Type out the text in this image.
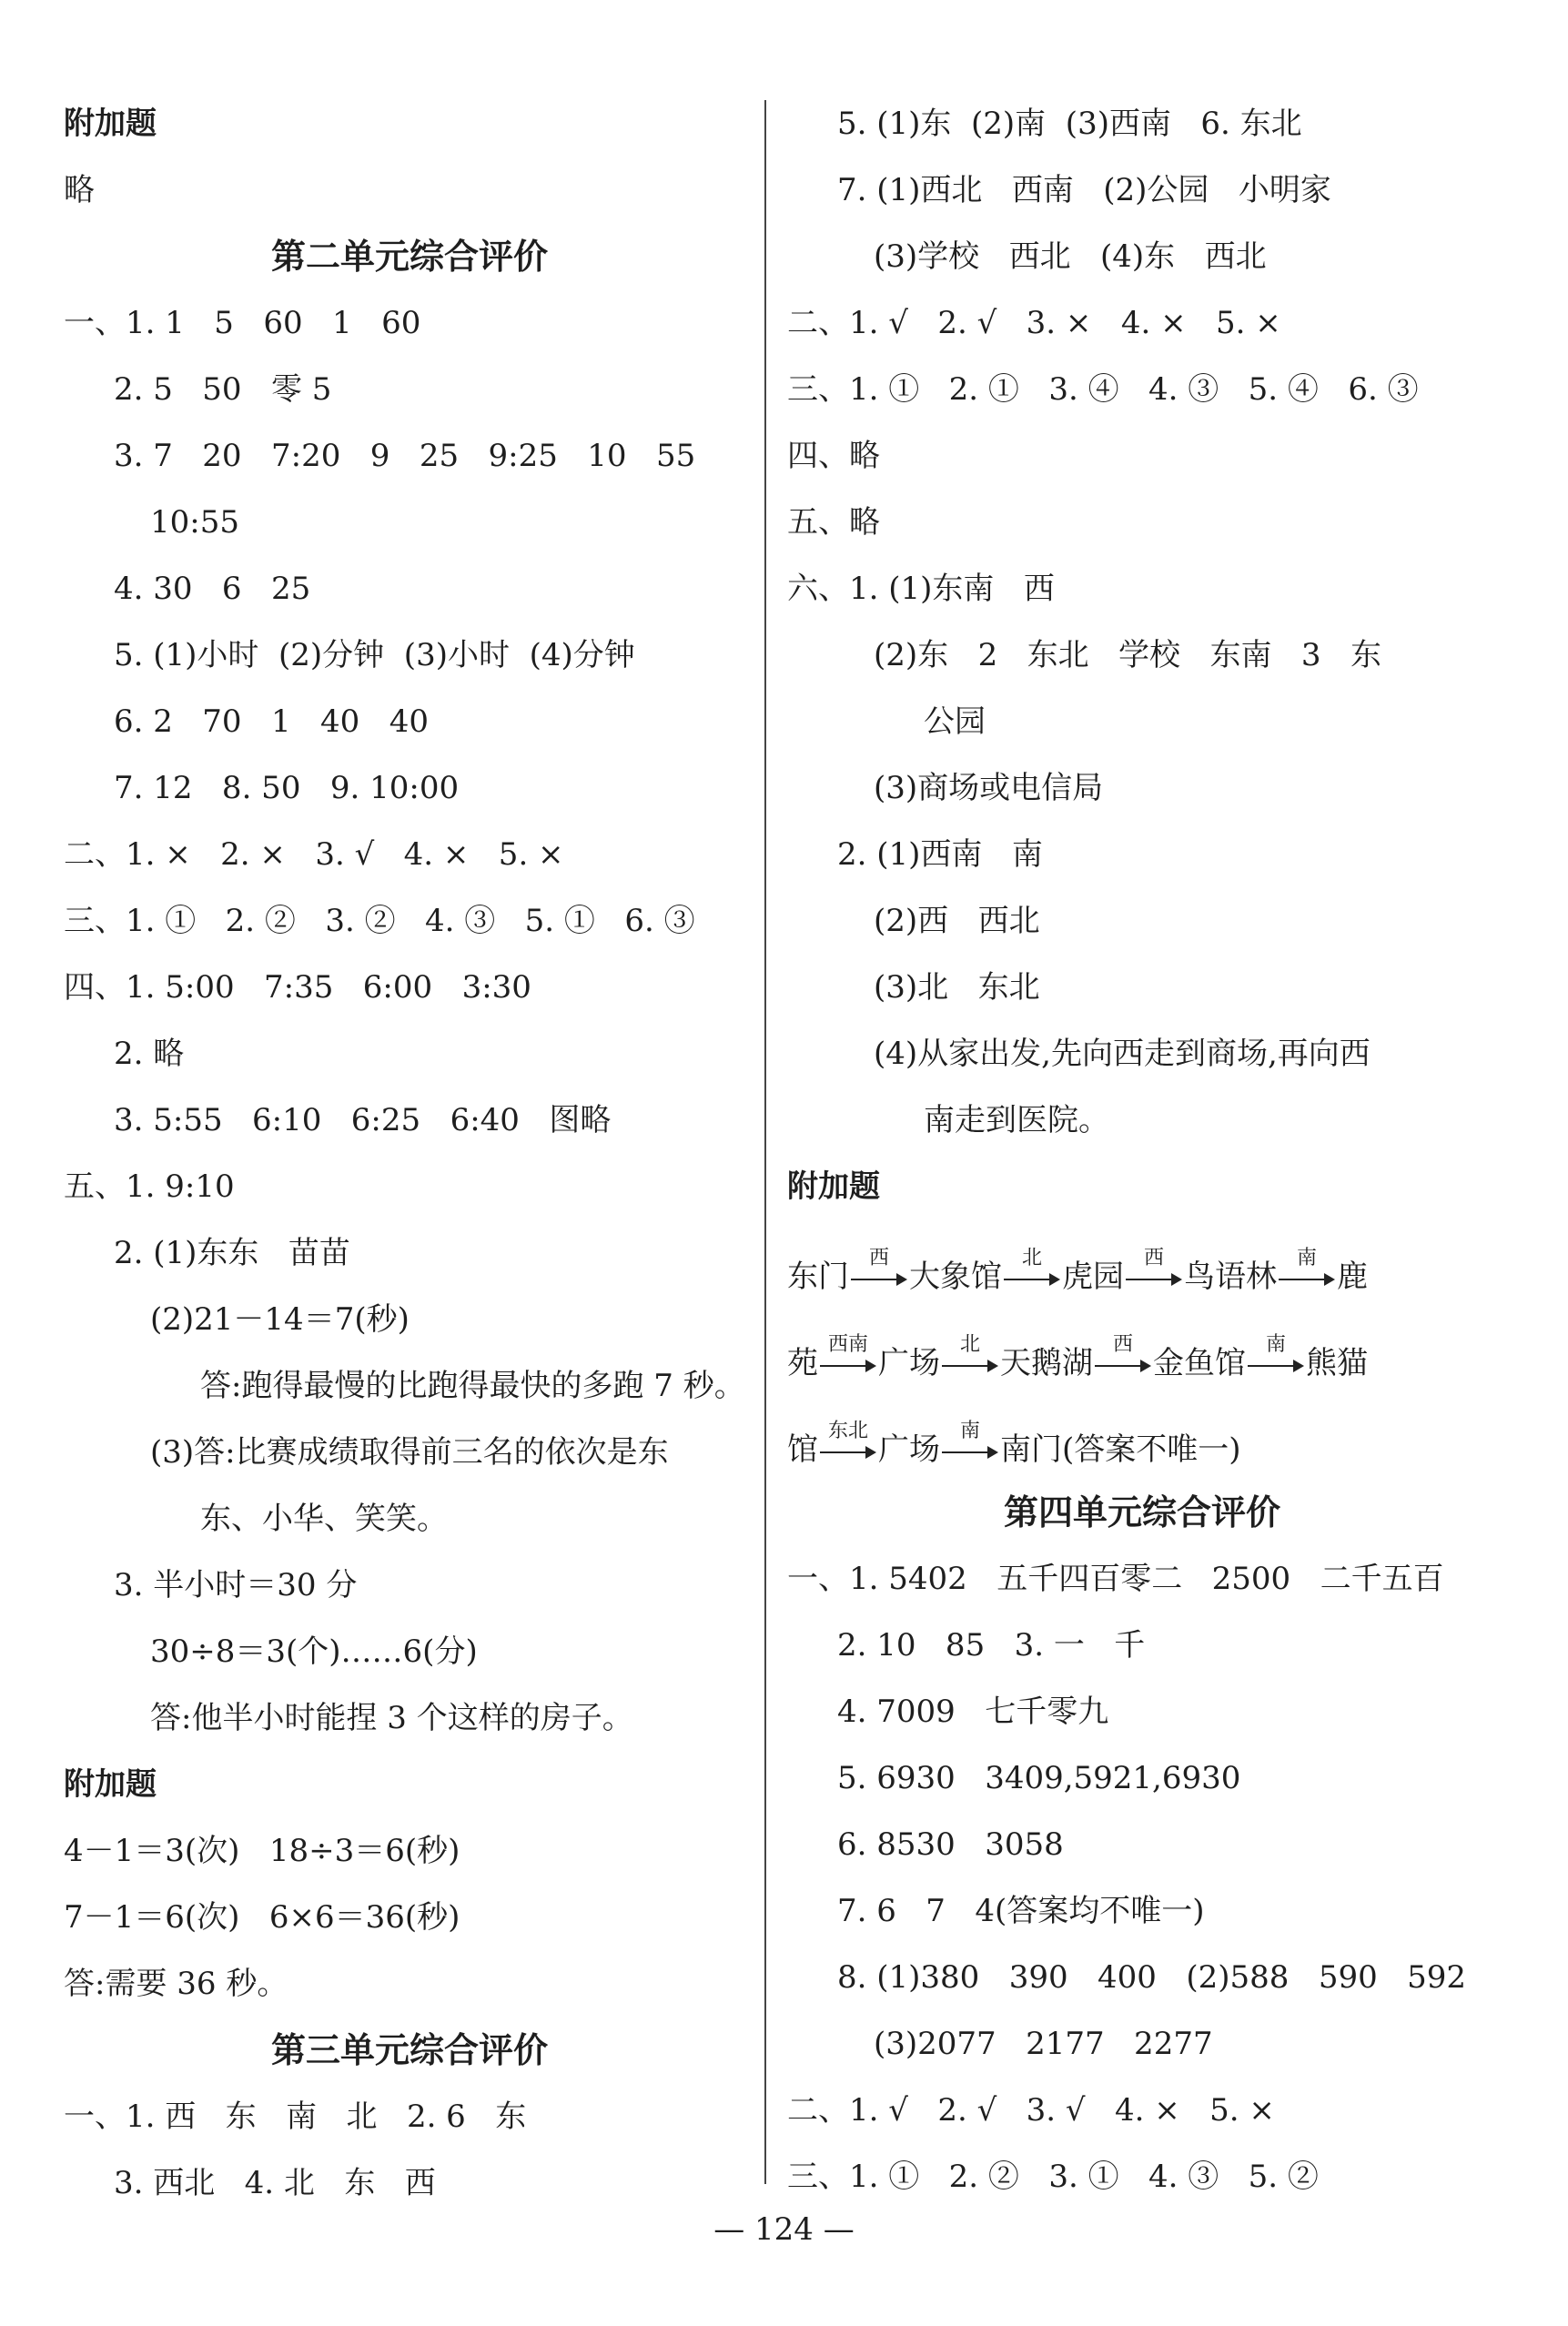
附加题
略
第二单元综合评价
一、1. 1   5   60   1   60
2. 5   50   零 5
3. 7   20   7:20   9   25   9:25   10   55
10:55
4. 30   6   25
5. (1)小时  (2)分钟  (3)小时  (4)分钟
6. 2   70   1   40   40
7. 12   8. 50   9. 10:00
二、1. ×   2. ×   3. √   4. ×   5. ×
三、1. ①   2. ②   3. ②   4. ③   5. ①   6. ③
四、1. 5:00   7:35   6:00   3:30
2. 略
3. 5:55   6:10   6:25   6:40   图略
五、1. 9:10
2. (1)东东   苗苗
(2)21－14＝7(秒)
答:跑得最慢的比跑得最快的多跑 7 秒。
(3)答:比赛成绩取得前三名的依次是东
东、小华、笑笑。
3. 半小时＝30 分
30÷8＝3(个)……6(分)
答:他半小时能捏 3 个这样的房子。
附加题
4－1＝3(次)   18÷3＝6(秒)
7－1＝6(次)   6×6＝36(秒)
答:需要 36 秒。
第三单元综合评价
一、1. 西   东   南   北   2. 6   东
3. 西北   4. 北   东   西
5. (1)东  (2)南  (3)西南   6. 东北
7. (1)西北   西南   (2)公园   小明家
(3)学校   西北   (4)东   西北
二、1. √   2. √   3. ×   4. ×   5. ×
三、1. ①   2. ①   3. ④   4. ③   5. ④   6. ③
四、略
五、略
六、1. (1)东南   西
(2)东   2   东北   学校   东南   3   东
公园
(3)商场或电信局
2. (1)西南   南
(2)西   西北
(3)北   东北
(4)从家出发,先向西走到商场,再向西
南走到医院。
附加题
东门
西
大象馆
北
虎园
西
鸟语林
南
鹿
苑
西南
广场
北
天鹅湖
西
金鱼馆
南
熊猫
馆
东北
广场
南
南门(答案不唯一)
第四单元综合评价
一、1. 5402   五千四百零二   2500   二千五百
2. 10   85   3. 一   千
4. 7009   七千零九
5. 6930   3409,5921,6930
6. 8530   3058
7. 6   7   4(答案均不唯一)
8. (1)380   390   400   (2)588   590   592
(3)2077   2177   2277
二、1. √   2. √   3. √   4. ×   5. ×
三、1. ①   2. ②   3. ①   4. ③   5. ②
— 124 —
